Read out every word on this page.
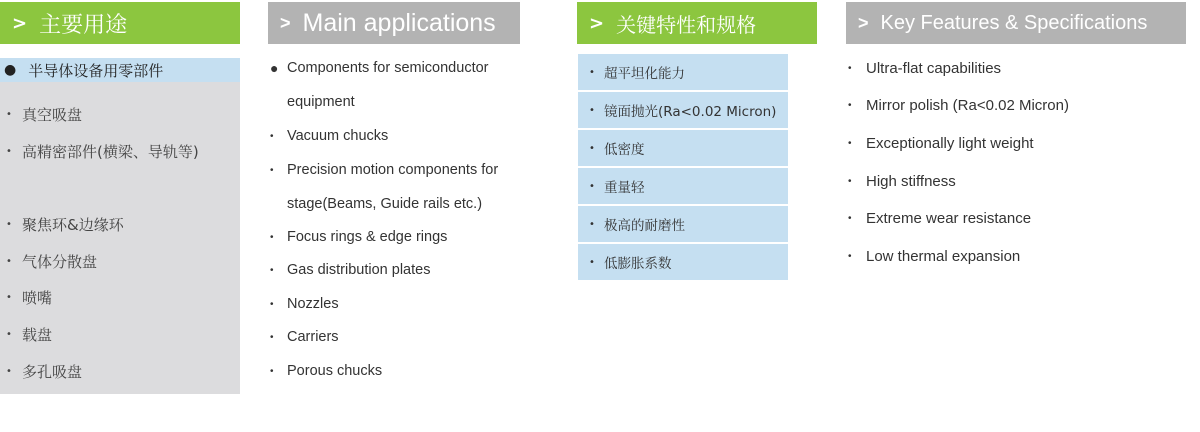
> 主要用途
● 半导体设备用零部件
• 真空吸盘
• 高精密部件(横梁、导轨等)
• 聚焦环&边缘环
• 气体分散盘
• 喷嘴
• 载盘
• 多孔吸盘
> Main applications
● Components for semiconductor
equipment
• Vacuum chucks
• Precision motion components for
stage(Beams, Guide rails etc.)
• Focus rings & edge rings
• Gas distribution plates
• Nozzles
• Carriers
• Porous chucks
> 关键特性和规格
• 超平坦化能力
• 镜面抛光(Ra<0.02 Micron)
• 低密度
• 重量轻
• 极高的耐磨性
• 低膨胀系数
> Key Features & Specifications
• Ultra-flat capabilities
• Mirror polish (Ra<0.02 Micron)
• Exceptionally light weight
• High stiffness
• Extreme wear resistance
• Low thermal expansion
